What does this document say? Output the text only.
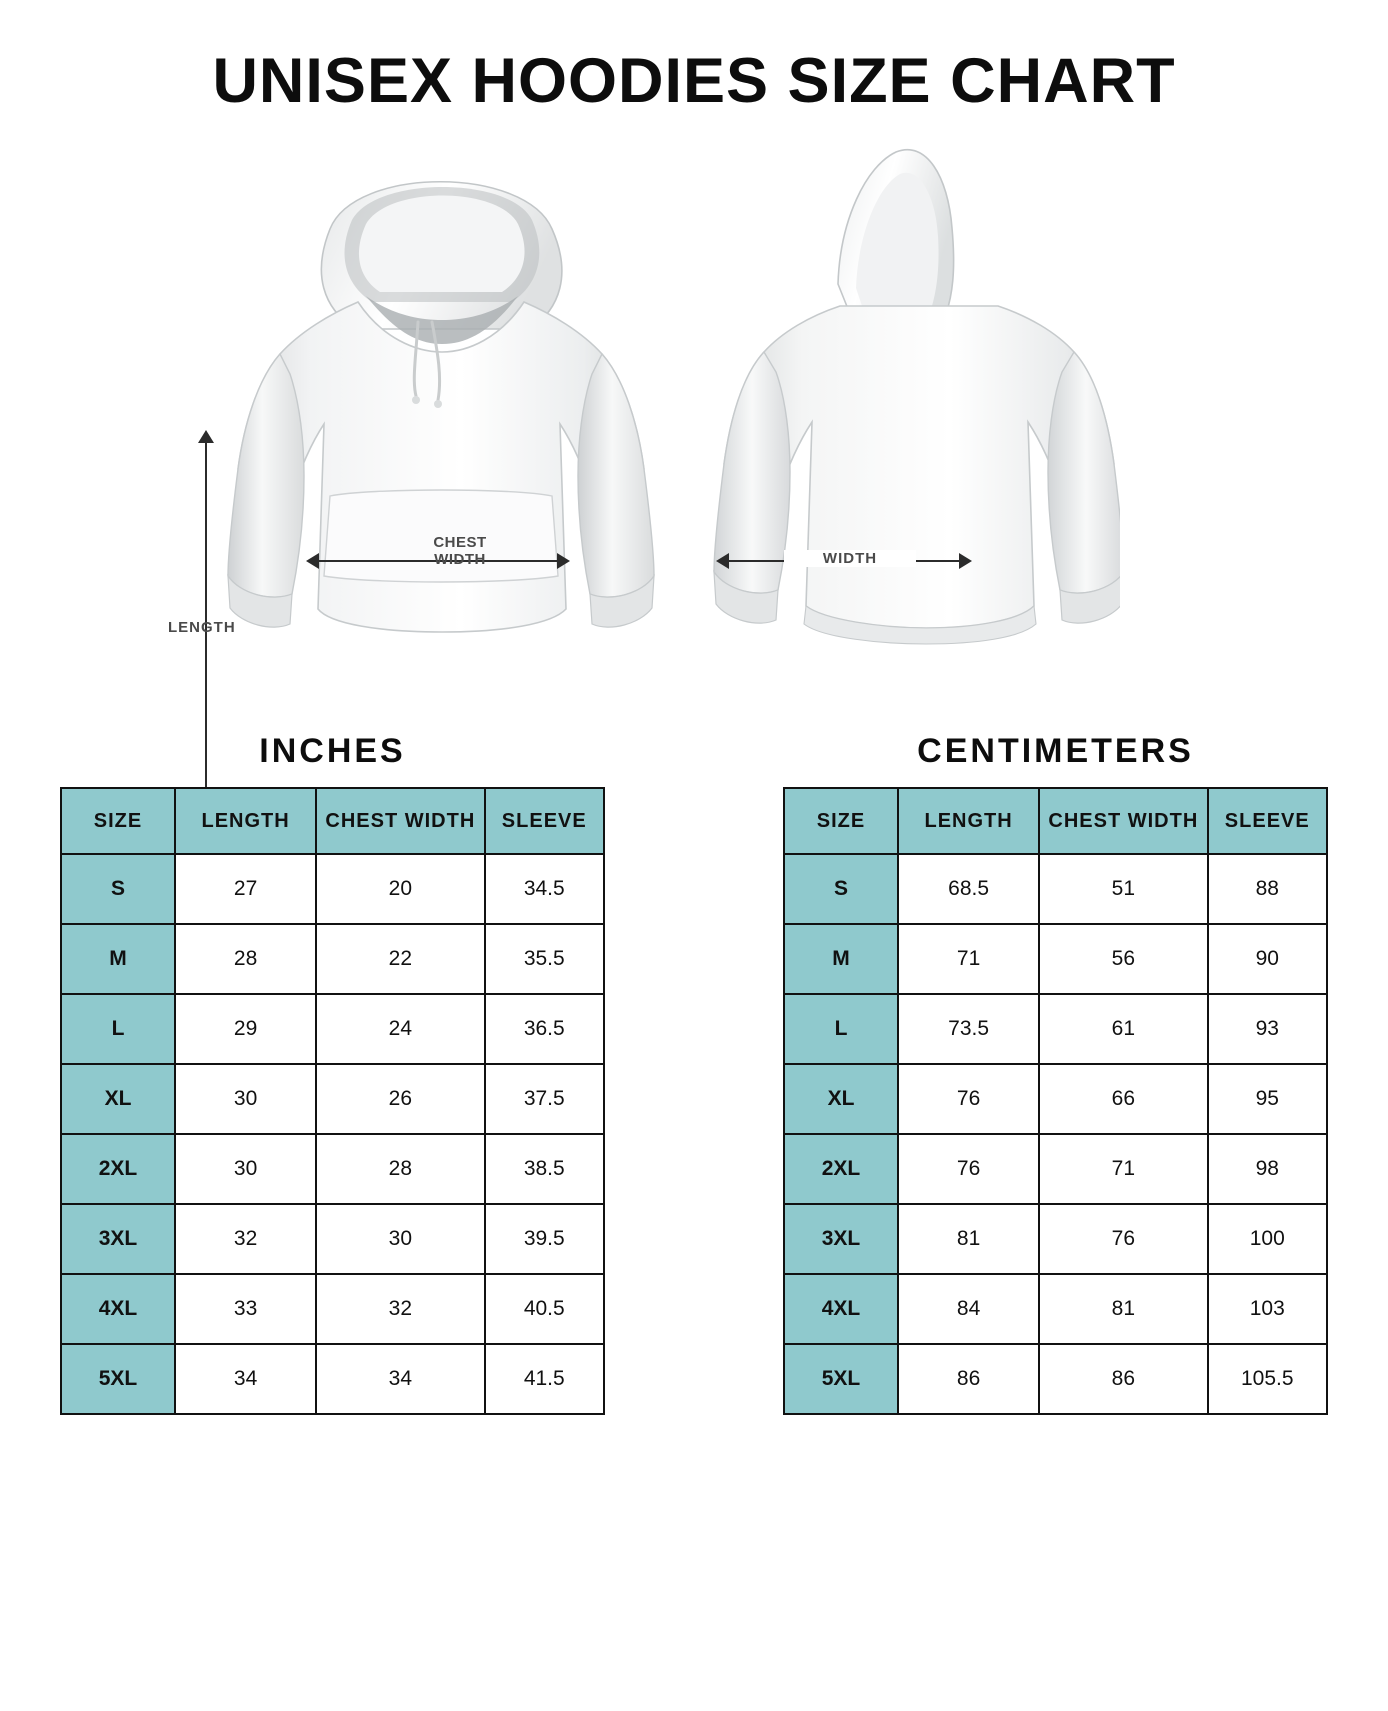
UNISEX HOODIES SIZE CHART
LENGTH
CHEST
WIDTH	WIDTH
INCHES
SIZE	LENGTH	CHEST WIDTH	SLEEVE
S	27	20	34.5
M	28	22	35.5
L	29	24	36.5
XL	30	26	37.5
2XL	30	28	38.5
3XL	32	30	39.5
4XL	33	32	40.5
5XL	34	34	41.5
CENTIMETERS
SIZE	LENGTH	CHEST WIDTH	SLEEVE
S	68.5	51	88
M	71	56	90
L	73.5	61	93
XL	76	66	95
2XL	76	71	98
3XL	81	76	100
4XL	84	81	103
5XL	86	86	105.5
